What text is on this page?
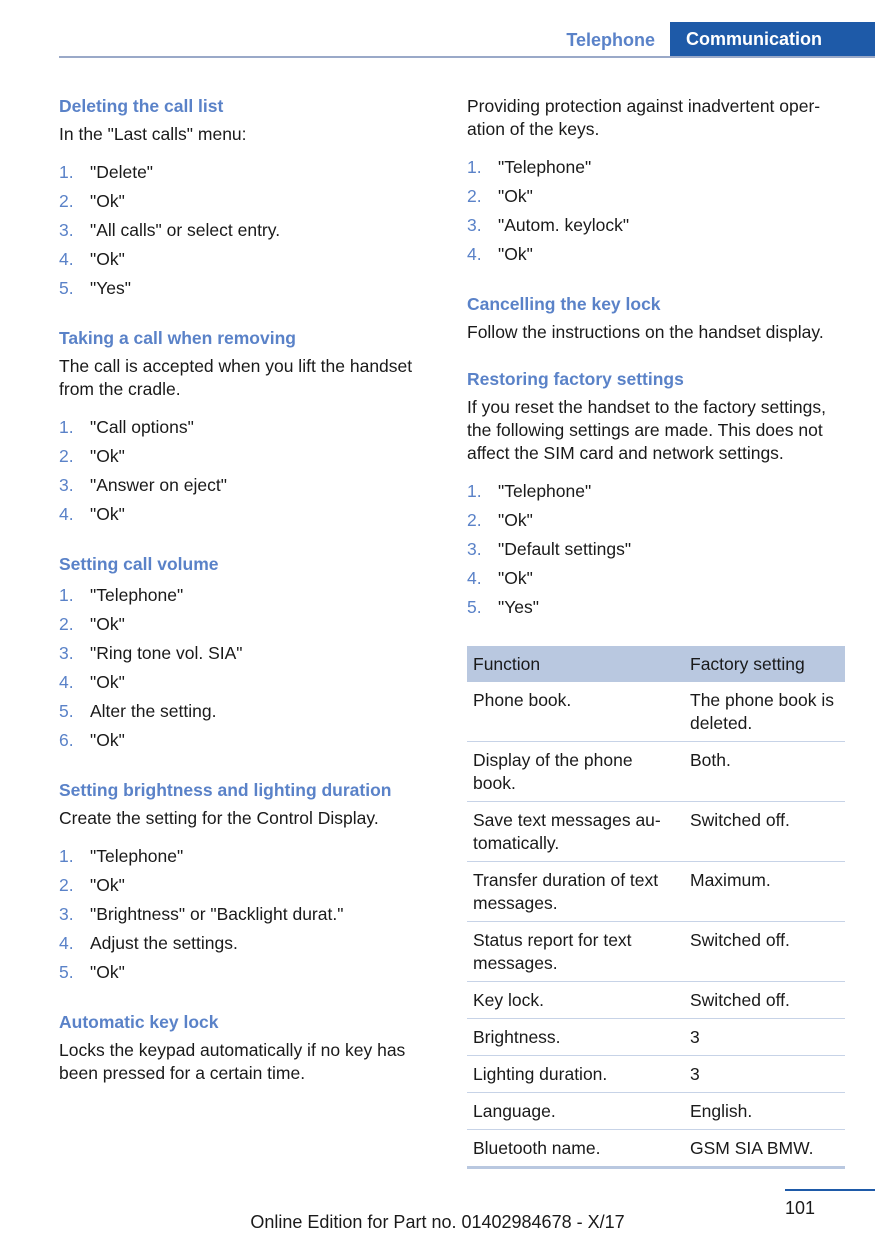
Telephone	Communication
Deleting the call list

In the "Last calls" menu:

1. "Delete"
2. "Ok"
3. "All calls" or select entry.
4. "Ok"
5. "Yes"
Taking a call when removing

The call is accepted when you lift the handset from the cradle.

1. "Call options"
2. "Ok"
3. "Answer on eject"
4. "Ok"
Setting call volume
1. "Telephone"
2. "Ok"
3. "Ring tone vol. SIA"
4. "Ok"
5. Alter the setting.
6. "Ok"
Setting brightness and lighting duration

Create the setting for the Control Display.

1. "Telephone"
2. "Ok"
3. "Brightness" or "Backlight durat."
4. Adjust the settings.
5. "Ok"
Automatic key lock

Locks the keypad automatically if no key has been pressed for a certain time.

Providing protection against inadvertent oper‐ation of the keys.

1. "Telephone"
2. "Ok"
3. "Autom. keylock"
4. "Ok"
Cancelling the key lock

Follow the instructions on the handset display.

Restoring factory settings

If you reset the handset to the factory settings, the following settings are made. This does not affect the SIM card and network settings.

1. "Telephone"
2. "Ok"
3. "Default settings"
4. "Ok"
5. "Yes"
Function	Factory setting
Phone book.	The phone book is deleted.
Display of the phone book.	Both.
Save text messages au‐tomatically.	Switched off.
Transfer duration of text messages.	Maximum.
Status report for text messages.	Switched off.
Key lock.	Switched off.
Brightness.	3
Lighting duration.	3
Language.	English.
Bluetooth name.	GSM SIA BMW.
101
Online Edition for Part no. 01402984678 - X/17
